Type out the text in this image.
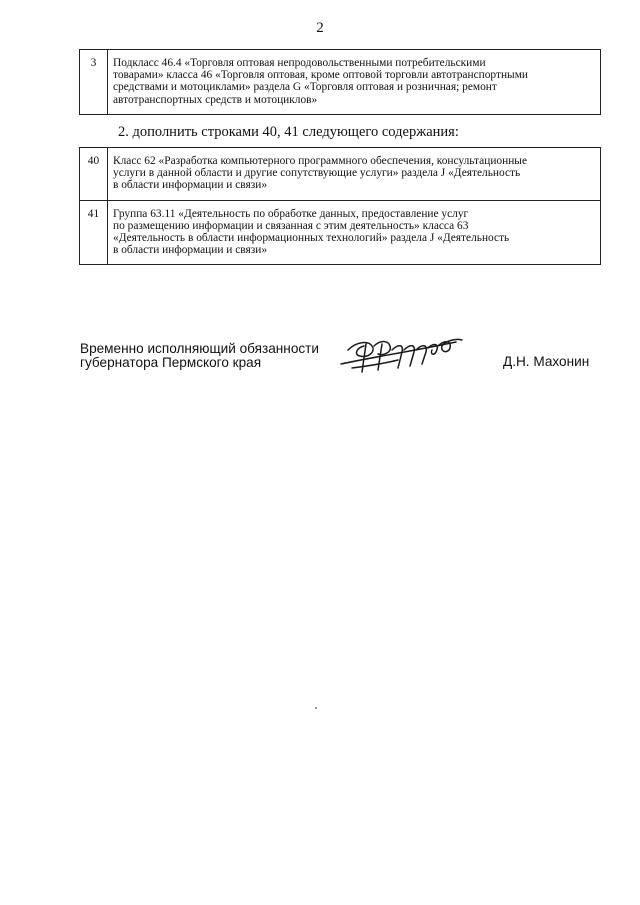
2
3	Подкласс 46.4 «Торговля оптовая непродовольственными потребительскими
товарами» класса 46 «Торговля оптовая, кроме оптовой торговли автотранспортными
средствами и мотоциклами» раздела G «Торговля оптовая и розничная; ремонт
автотранспортных средств и мотоциклов»
2. дополнить строками 40, 41 следующего содержания:
40	Класс 62 «Разработка компьютерного программного обеспечения, консультационные
услуги в данной области и другие сопутствующие услуги» раздела J «Деятельность
в области информации и связи»

41	Группа 63.11 «Деятельность по обработке данных, предоставление услуг
по размещению информации и связанная с этим деятельность» класса 63
«Деятельность в области информационных технологий» раздела J «Деятельность
в области информации и связи»
Временно исполняющий обязанности
губернатора Пермского края	Д.Н. Махонин
